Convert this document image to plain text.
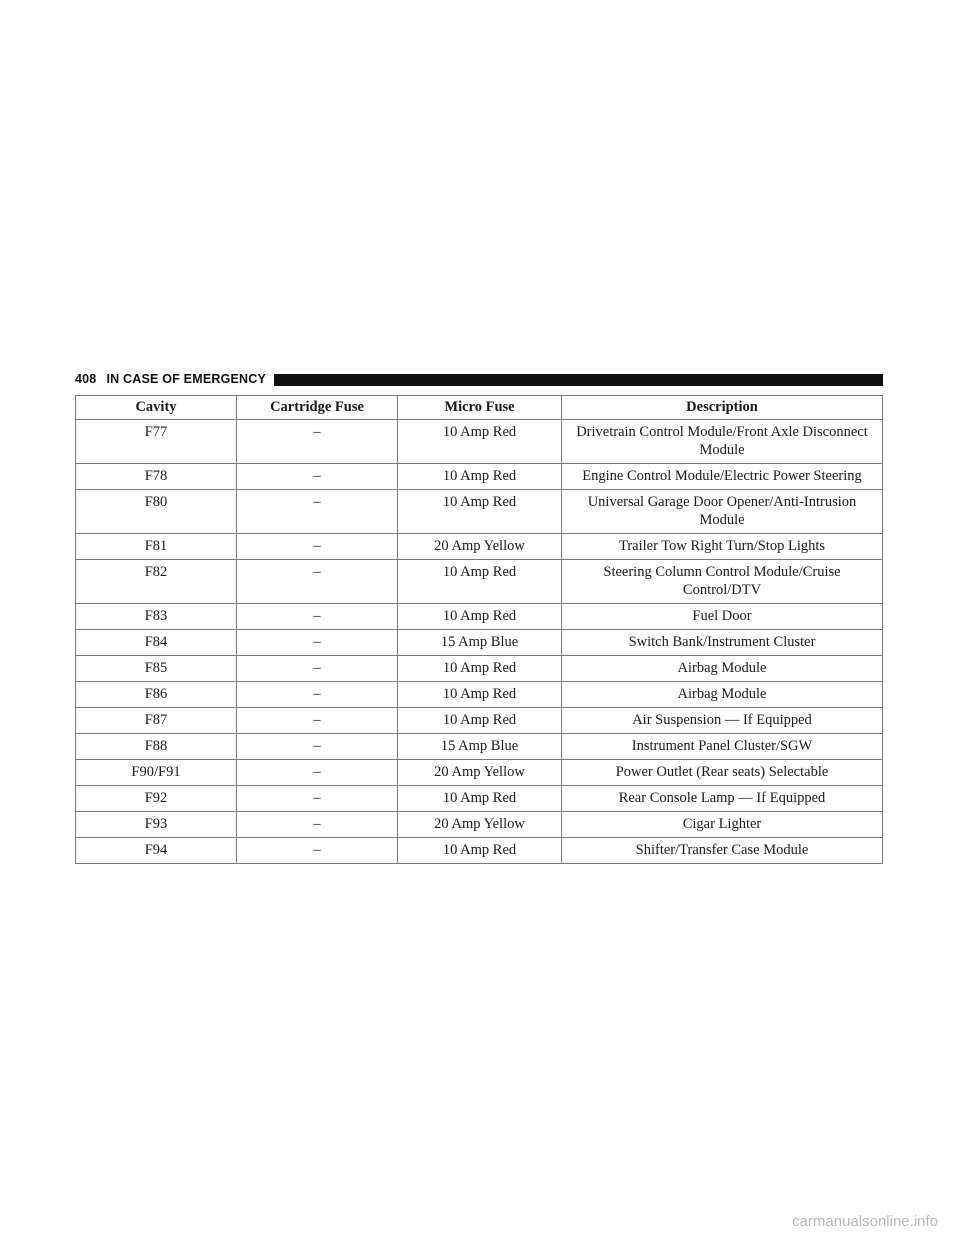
408 IN CASE OF EMERGENCY
Cavity	Cartridge Fuse	Micro Fuse	Description
F77	–	10 Amp Red	Drivetrain Control Module/Front Axle Disconnect Module
F78	–	10 Amp Red	Engine Control Module/Electric Power Steering
F80	–	10 Amp Red	Universal Garage Door Opener/Anti-Intrusion Module
F81	–	20 Amp Yellow	Trailer Tow Right Turn/Stop Lights
F82	–	10 Amp Red	Steering Column Control Module/Cruise Control/DTV
F83	–	10 Amp Red	Fuel Door
F84	–	15 Amp Blue	Switch Bank/Instrument Cluster
F85	–	10 Amp Red	Airbag Module
F86	–	10 Amp Red	Airbag Module
F87	–	10 Amp Red	Air Suspension — If Equipped
F88	–	15 Amp Blue	Instrument Panel Cluster/SGW
F90/F91	–	20 Amp Yellow	Power Outlet (Rear seats) Selectable
F92	–	10 Amp Red	Rear Console Lamp — If Equipped
F93	–	20 Amp Yellow	Cigar Lighter
F94	–	10 Amp Red	Shifter/Transfer Case Module
carmanualsonline.info
